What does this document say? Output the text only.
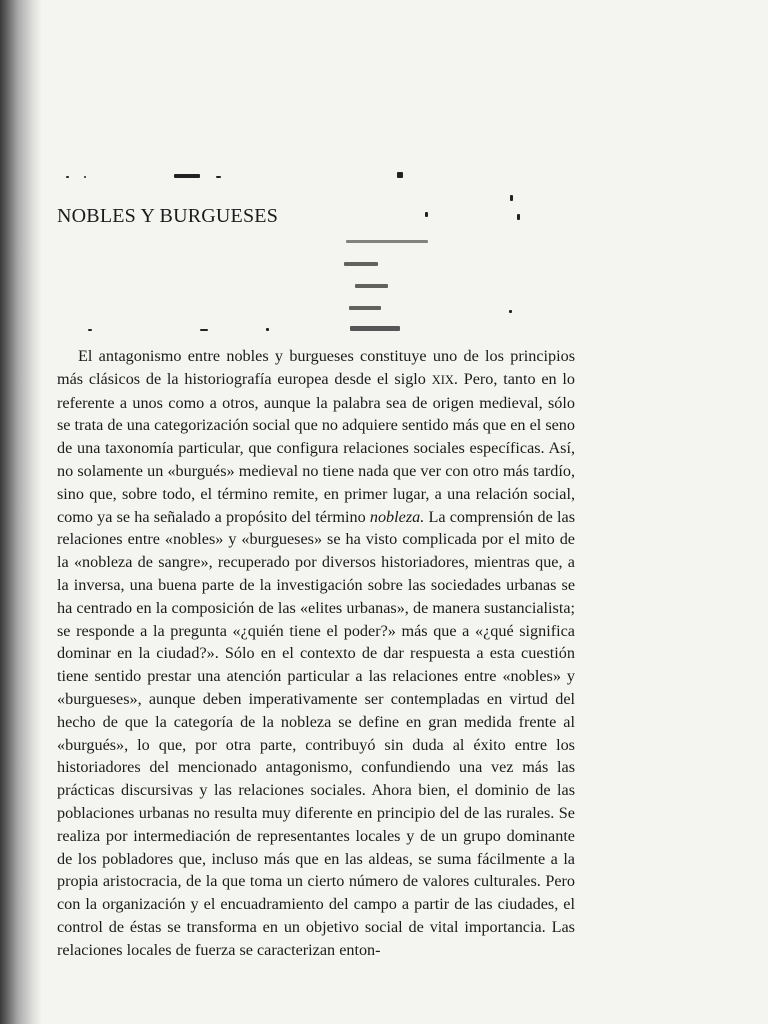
NOBLES Y BURGUESES

El antagonismo entre nobles y burgueses constituye uno de los principios más clásicos de la historiografía europea desde el siglo XIX. Pero, tanto en lo referente a unos como a otros, aunque la palabra sea de origen medieval, sólo se trata de una categorización social que no adquiere sentido más que en el seno de una taxonomía particular, que configura relaciones sociales específicas. Así, no solamente un «burgués» medieval no tiene nada que ver con otro más tardío, sino que, sobre todo, el término remite, en primer lugar, a una relación social, como ya se ha señalado a propósito del término nobleza. La comprensión de las relaciones entre «nobles» y «burgueses» se ha visto complicada por el mito de la «nobleza de sangre», recuperado por diversos historiadores, mientras que, a la inversa, una buena parte de la investigación sobre las sociedades urbanas se ha centrado en la composición de las «elites urbanas», de manera sustancialista; se responde a la pregunta «¿quién tiene el poder?» más que a «¿qué significa dominar en la ciudad?». Sólo en el contexto de dar respuesta a esta cuestión tiene sentido prestar una atención particular a las relaciones entre «nobles» y «burgueses», aunque deben imperativamente ser contempladas en virtud del hecho de que la categoría de la nobleza se define en gran medida frente al «burgués», lo que, por otra parte, contribuyó sin duda al éxito entre los historiadores del mencionado antagonismo, confundiendo una vez más las prácticas discursivas y las relaciones sociales. Ahora bien, el dominio de las poblaciones urbanas no resulta muy diferente en principio del de las rurales. Se realiza por intermediación de representantes locales y de un grupo dominante de los pobladores que, incluso más que en las aldeas, se suma fácilmente a la propia aristocracia, de la que toma un cierto número de valores culturales. Pero con la organización y el encuadramiento del campo a partir de las ciudades, el control de éstas se transforma en un objetivo social de vital importancia. Las relaciones locales de fuerza se caracterizan enton-
